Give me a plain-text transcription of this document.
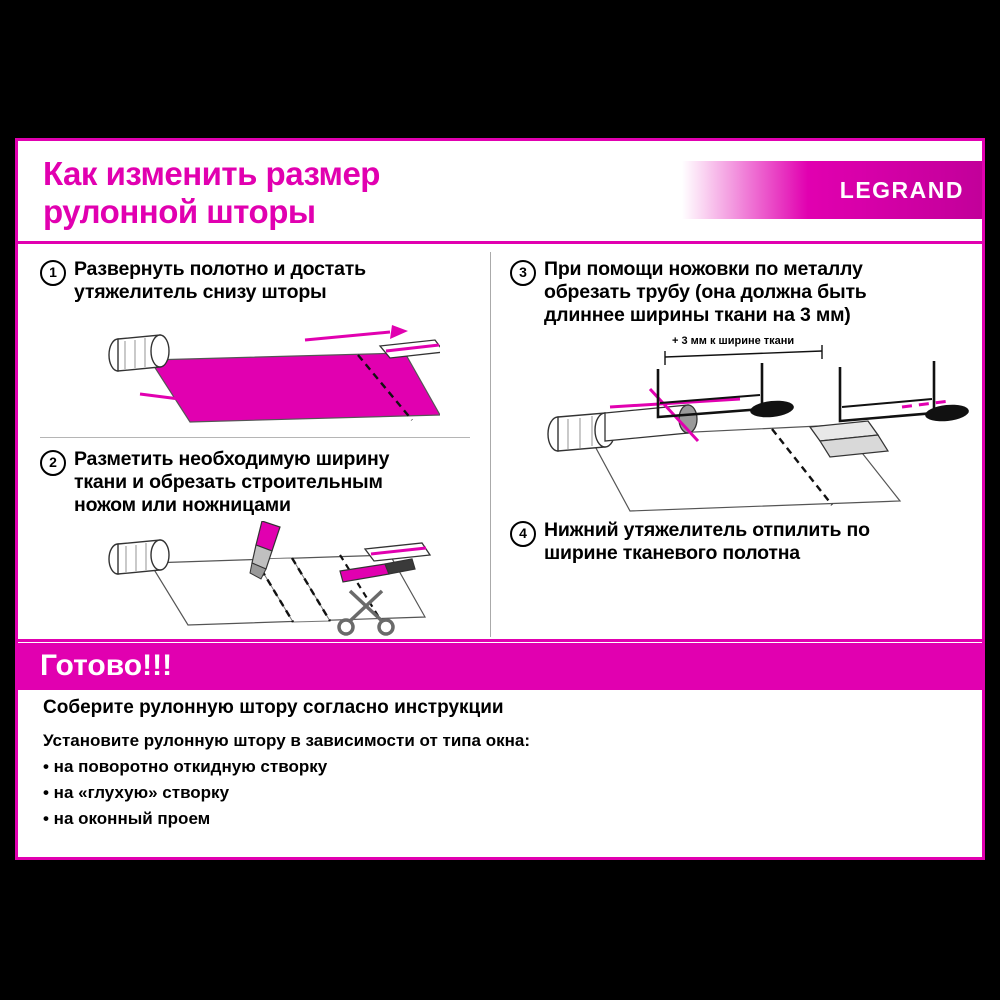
Как изменить размер
рулонной шторы
LEGRAND
1 Развернуть полотно и достать
утяжелитель снизу шторы
2 Разметить необходимую ширину
ткани и обрезать строительным
ножом или ножницами
3 При помощи ножовки по металлу
обрезать трубу (она должна быть
длиннее ширины ткани на 3 мм)
+ 3 мм к ширине ткани
4 Нижний утяжелитель отпилить по
ширине тканевого полотна
Готово!!!
Соберите рулонную штору согласно инструкции
Установите рулонную штору в зависимости от типа окна:
• на поворотно откидную створку
• на «глухую» створку
• на оконный проем
